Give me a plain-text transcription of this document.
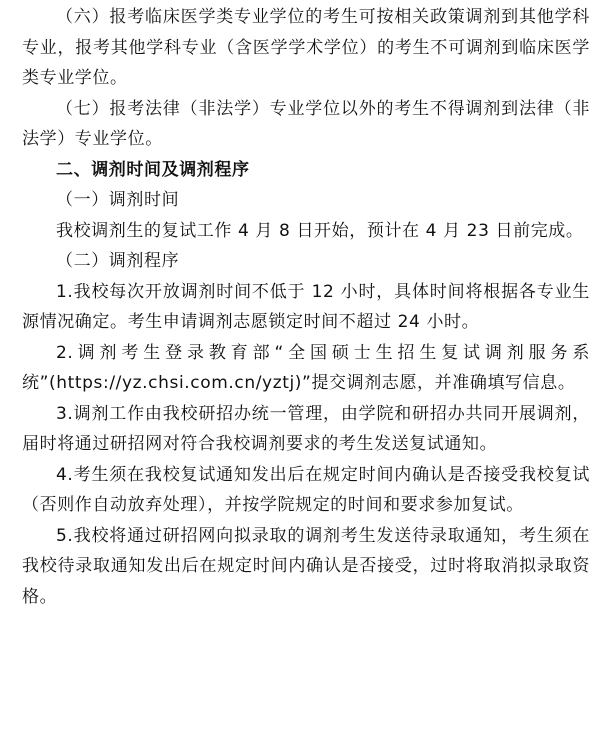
（六）报考临床医学类专业学位的考生可按相关政策调剂到其他学科专业，报考其他学科专业（含医学学术学位）的考生不可调剂到临床医学类专业学位。

（七）报考法律（非法学）专业学位以外的考生不得调剂到法律（非法学）专业学位。

二、调剂时间及调剂程序

（一）调剂时间

我校调剂生的复试工作 4 月 8 日开始，预计在 4 月 23 日前完成。

（二）调剂程序

1.我校每次开放调剂时间不低于 12 小时，具体时间将根据各专业生源情况确定。考生申请调剂志愿锁定时间不超过 24 小时。

2.调剂考生登录教育部“全国硕士生招生复试调剂服务系统”(https://yz.chsi.com.cn/yztj)”提交调剂志愿，并准确填写信息。

3.调剂工作由我校研招办统一管理，由学院和研招办共同开展调剂，届时将通过研招网对符合我校调剂要求的考生发送复试通知。

4.考生须在我校复试通知发出后在规定时间内确认是否接受我校复试（否则作自动放弃处理），并按学院规定的时间和要求参加复试。

5.我校将通过研招网向拟录取的调剂考生发送待录取通知，考生须在我校待录取通知发出后在规定时间内确认是否接受，过时将取消拟录取资格。
